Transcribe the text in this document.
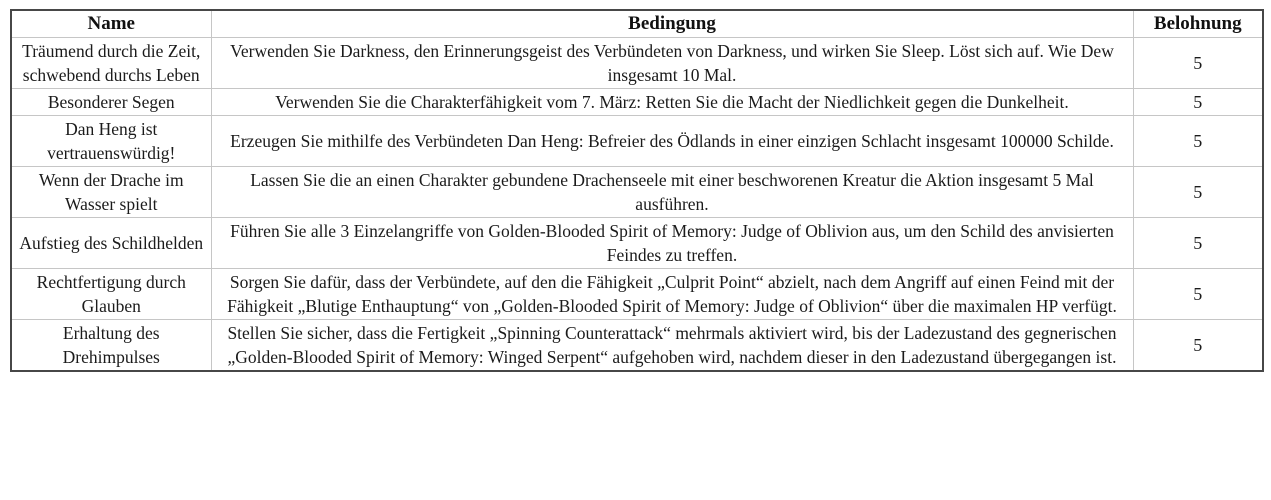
Name	Bedingung	Belohnung
Träumend durch die Zeit, schwebend durchs Leben	Verwenden Sie Darkness, den Erinnerungsgeist des Verbündeten von Darkness, und wirken Sie Sleep. Löst sich auf. Wie Dew insgesamt 10 Mal.	5
Besonderer Segen	Verwenden Sie die Charakterfähigkeit vom 7. März: Retten Sie die Macht der Niedlichkeit gegen die Dunkelheit.	5
Dan Heng ist vertrauenswürdig!	Erzeugen Sie mithilfe des Verbündeten Dan Heng: Befreier des Ödlands in einer einzigen Schlacht insgesamt 100000 Schilde.	5
Wenn der Drache im Wasser spielt	Lassen Sie die an einen Charakter gebundene Drachenseele mit einer beschworenen Kreatur die Aktion insgesamt 5 Mal ausführen.	5
Aufstieg des Schildhelden	Führen Sie alle 3 Einzelangriffe von Golden-Blooded Spirit of Memory: Judge of Oblivion aus, um den Schild des anvisierten Feindes zu treffen.	5
Rechtfertigung durch Glauben	Sorgen Sie dafür, dass der Verbündete, auf den die Fähigkeit „Culprit Point“ abzielt, nach dem Angriff auf einen Feind mit der Fähigkeit „Blutige Enthauptung“ von „Golden-Blooded Spirit of Memory: Judge of Oblivion“ über die maximalen HP verfügt.	5
Erhaltung des Drehimpulses	Stellen Sie sicher, dass die Fertigkeit „Spinning Counterattack“ mehrmals aktiviert wird, bis der Ladezustand des gegnerischen „Golden-Blooded Spirit of Memory: Winged Serpent“ aufgehoben wird, nachdem dieser in den Ladezustand übergegangen ist.	5
